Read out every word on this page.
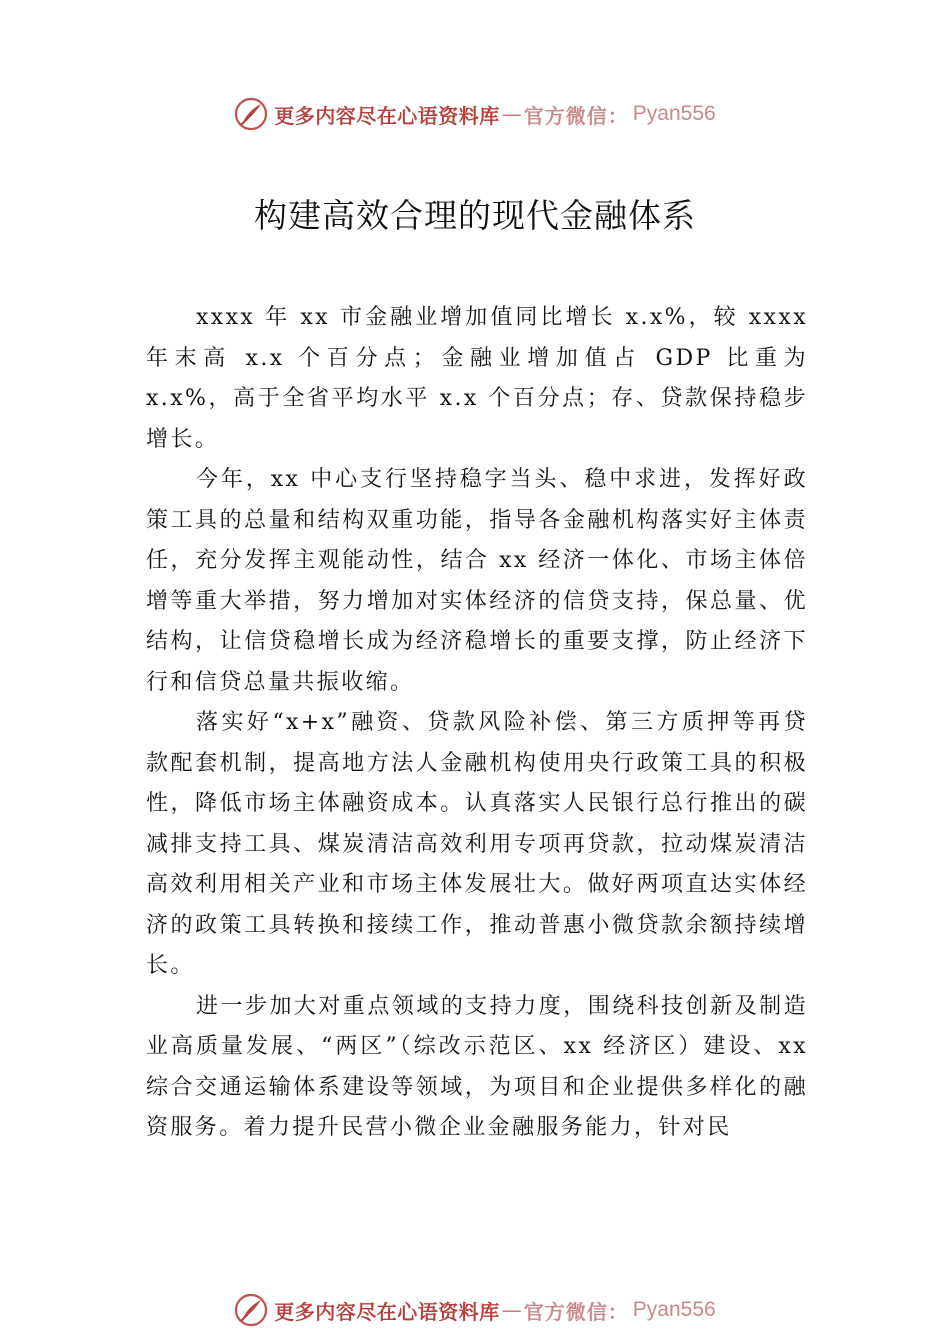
更多内容尽在心语资料库 — 官方微信： Pyan556
构建高效合理的现代金融体系

xxxx 年 xx 市金融业增加值同比增长 x.x%，较 xxxx 年末高 x.x 个百分点；金融业增加值占 GDP 比重为 x.x%，高于全省平均水平 x.x 个百分点；存、贷款保持稳步增长。

今年，xx 中心支行坚持稳字当头、稳中求进，发挥好政策工具的总量和结构双重功能，指导各金融机构落实好主体责任，充分发挥主观能动性，结合 xx 经济一体化、市场主体倍增等重大举措，努力增加对实体经济的信贷支持，保总量、优结构，让信贷稳增长成为经济稳增长的重要支撑，防止经济下行和信贷总量共振收缩。

落实好“x+x”融资、贷款风险补偿、第三方质押等再贷款配套机制，提高地方法人金融机构使用央行政策工具的积极性，降低市场主体融资成本。认真落实人民银行总行推出的碳减排支持工具、煤炭清洁高效利用专项再贷款，拉动煤炭清洁高效利用相关产业和市场主体发展壮大。做好两项直达实体经济的政策工具转换和接续工作，推动普惠小微贷款余额持续增长。

进一步加大对重点领域的支持力度，围绕科技创新及制造业高质量发展、“两区”（综改示范区、xx 经济区）建设、xx 综合交通运输体系建设等领域，为项目和企业提供多样化的融资服务。着力提升民营小微企业金融服务能力，针对民

更多内容尽在心语资料库 — 官方微信： Pyan556
